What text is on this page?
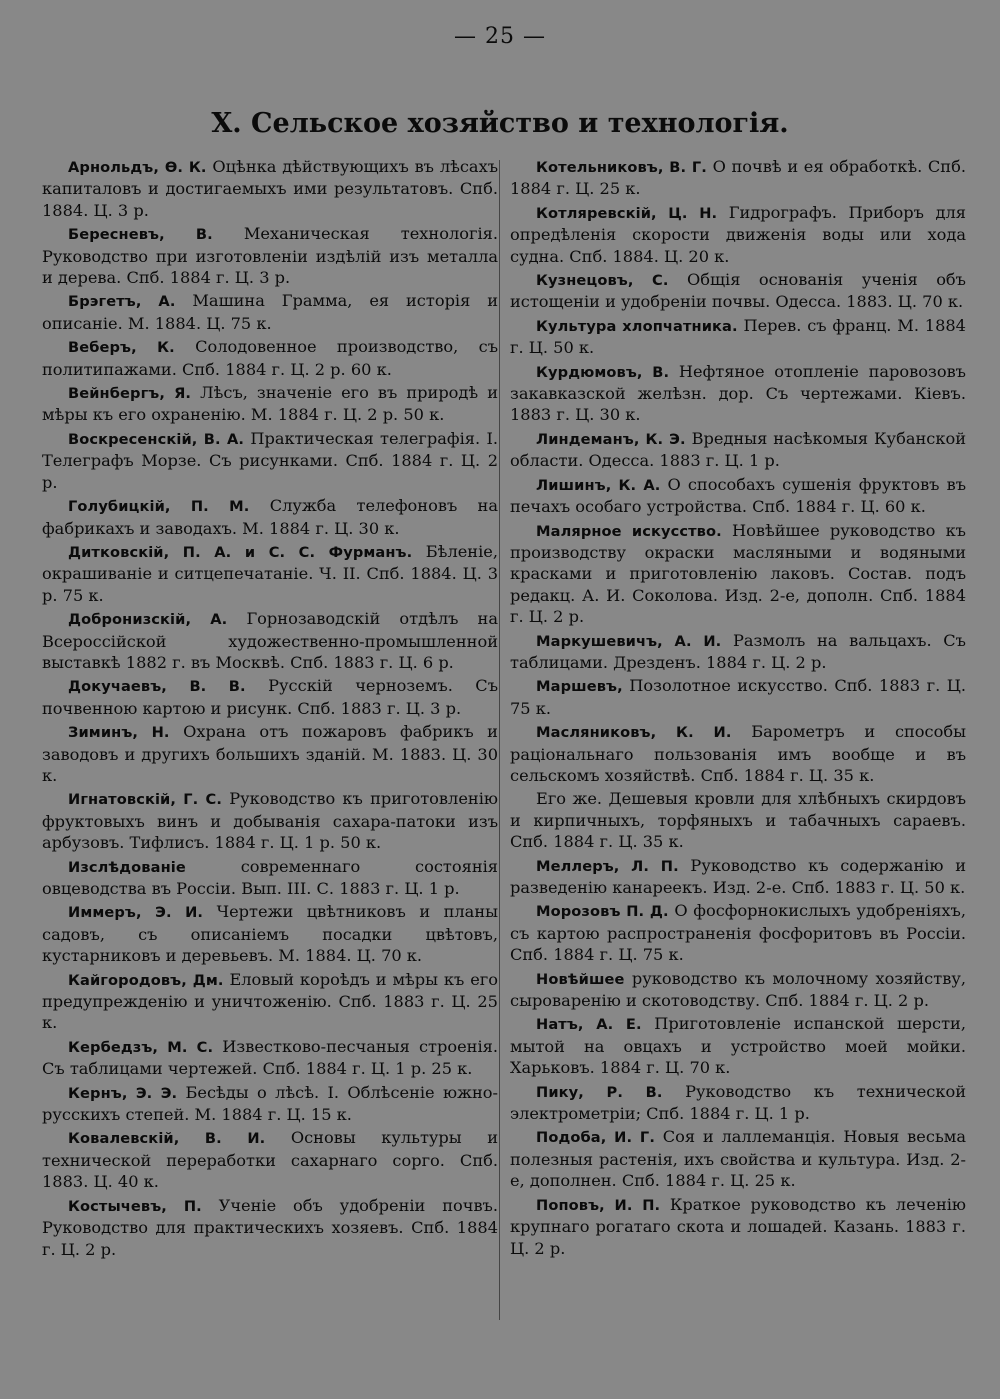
— 25 —
X. Сельское хозяйство и технологія.

Арнольдъ, Ѳ. К. Оцѣнка дѣйствующихъ въ лѣсахъ капиталовъ и достигаемыхъ ими результатовъ. Спб. 1884. Ц. 3 р.

Бересневъ, В. Механическая технологія. Руководство при изготовленіи издѣлій изъ металла и дерева. Спб. 1884 г. Ц. 3 р.

Брэгетъ, А. Машина Грамма, ея исторія и описаніе. М. 1884. Ц. 75 к.

Веберъ, К. Солодовенное производство, съ политипажами. Спб. 1884 г. Ц. 2 р. 60 к.

Вейнбергъ, Я. Лѣсъ, значеніе его въ природѣ и мѣры къ его охраненію. М. 1884 г. Ц. 2 р. 50 к.

Воскресенскій, В. А. Практическая телеграфія. I. Телеграфъ Морзе. Съ рисунками. Спб. 1884 г. Ц. 2 р.

Голубицкій, П. М. Служба телефоновъ на фабрикахъ и заводахъ. М. 1884 г. Ц. 30 к.

Дитковскій, П. А. и С. С. Фурманъ. Бѣленіе, окрашиваніе и ситцепечатаніе. Ч. II. Спб. 1884. Ц. 3 р. 75 к.

Добронизскій, А. Горнозаводскій отдѣлъ на Всероссійской художественно-промышленной выставкѣ 1882 г. въ Москвѣ. Спб. 1883 г. Ц. 6 р.

Докучаевъ, В. В. Русскій черноземъ. Съ почвенною картою и рисунк. Спб. 1883 г. Ц. 3 р.

Зиминъ, Н. Охрана отъ пожаровъ фабрикъ и заводовъ и другихъ большихъ зданій. М. 1883. Ц. 30 к.

Игнатовскій, Г. С. Руководство къ приготовленію фруктовыхъ винъ и добыванія сахара-патоки изъ арбузовъ. Тифлисъ. 1884 г. Ц. 1 р. 50 к.

Изслѣдованіе	современнаго состоянія овцеводства въ Россіи. Вып. III. С. 1883 г. Ц. 1 р.

Иммеръ, Э. И. Чертежи цвѣтниковъ и планы садовъ, съ описаніемъ посадки цвѣтовъ, кустарниковъ и деревьевъ. М. 1884. Ц. 70 к.

Кайгородовъ, Дм. Еловый короѣдъ и мѣры къ его предупрежденію и уничтоженію. Спб. 1883 г. Ц. 25 к.

Кербедзъ, М. С. Известково-песчаныя строенія. Съ таблицами чертежей. Спб. 1884 г. Ц. 1 р. 25 к.

Кернъ, Э. Э. Бесѣды о лѣсѣ. I. Облѣсеніе южно-русскихъ степей. М. 1884 г. Ц. 15 к.

Ковалевскій, В. И. Основы культуры и технической переработки сахарнаго сорго. Спб. 1883. Ц. 40 к.

Костычевъ, П. Ученіе объ удобреніи почвъ. Руководство для практическихъ хозяевъ. Спб. 1884 г. Ц. 2 р.

Котельниковъ, В. Г. О почвѣ и ея обработкѣ. Спб. 1884 г. Ц. 25 к.

Котляревскій, Ц. Н. Гидрографъ. Приборъ для опредѣленія скорости движенія воды или хода судна. Спб. 1884. Ц. 20 к.

Кузнецовъ, С. Общія основанія ученія объ истощеніи и удобреніи почвы. Одесса. 1883. Ц. 70 к.

Культура хлопчатника. Перев. съ франц. М. 1884 г. Ц. 50 к.

Курдюмовъ, В. Нефтяное отопленіе паровозовъ закавказской желѣзн. дор. Съ чертежами. Кіевъ. 1883 г. Ц. 30 к.

Линдеманъ, К. Э. Вредныя насѣкомыя Кубанской области. Одесса. 1883 г. Ц. 1 р.

Лишинъ, К. А. О способахъ сушенія фруктовъ въ печахъ особаго устройства. Спб. 1884 г. Ц. 60 к.

Малярное искусство. Новѣйшее руководство къ производству окраски масляными и водяными красками и приготовленію лаковъ. Состав. подъ редакц. А. И. Соколова. Изд. 2-е, дополн. Спб. 1884 г. Ц. 2 р.

Маркушевичъ, А. И. Размолъ на вальцахъ. Съ таблицами. Дрезденъ. 1884 г. Ц. 2 р.

Маршевъ, Позолотное искусство. Спб. 1883 г. Ц. 75 к.

Масляниковъ, К. И. Барометръ и способы раціональнаго пользованія имъ вообще и въ сельскомъ хозяйствѣ. Спб. 1884 г. Ц. 35 к.

Его же. Дешевыя кровли для хлѣбныхъ скирдовъ и кирпичныхъ, торфяныхъ и табачныхъ сараевъ. Спб. 1884 г. Ц. 35 к.

Меллеръ, Л. П. Руководство къ содержанію и разведенію канареекъ. Изд. 2-е. Спб. 1883 г. Ц. 50 к.

Морозовъ П. Д. О фосфорнокислыхъ удобреніяхъ, съ картою распространенія фосфоритовъ въ Россіи. Спб. 1884 г. Ц. 75 к.

Новѣйшее руководство къ молочному хозяйству, сыроваренію и скотоводству. Спб. 1884 г. Ц. 2 р.

Натъ, А. Е. Приготовленіе испанской шерсти, мытой на овцахъ и устройство моей мойки. Харьковъ. 1884 г. Ц. 70 к.

Пику, Р. В. Руководство къ технической электрометріи; Спб. 1884 г. Ц. 1 р.

Подоба, И. Г. Соя и лаллеманція. Новыя весьма полезныя растенія, ихъ свойства и культура. Изд. 2-е, дополнен. Спб. 1884 г. Ц. 25 к.

Поповъ, И. П. Краткое руководство къ леченію крупнаго рогатаго скота и лошадей. Казань. 1883 г. Ц. 2 р.
